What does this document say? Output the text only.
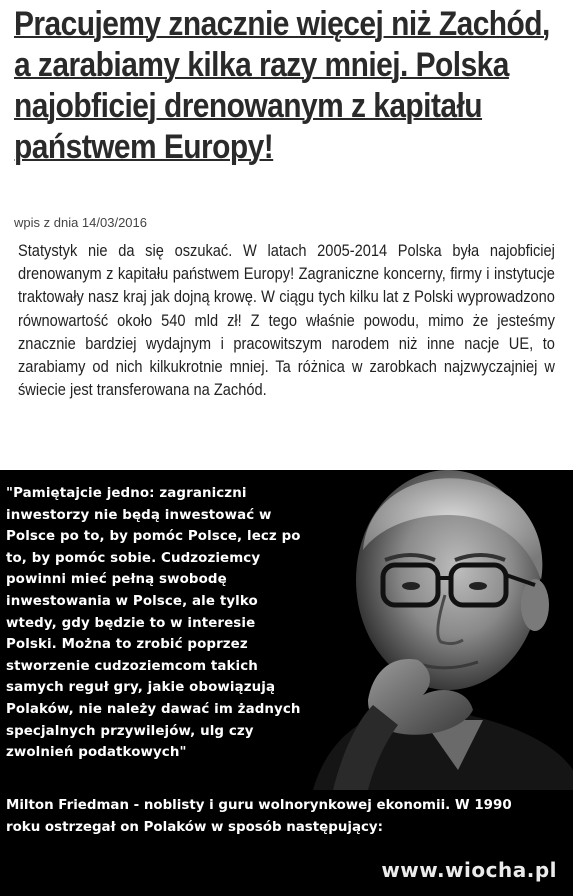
Pracujemy znacznie więcej niż Zachód, a zarabiamy kilka razy mniej. Polska najobficiej drenowanym z kapitału państwem Europy!
wpis z dnia 14/03/2016

Statystyk nie da się oszukać. W latach 2005-2014 Polska była najobficiej drenowanym z kapitału państwem Europy! Zagraniczne koncerny, firmy i instytucje traktowały nasz kraj jak dojną krowę. W ciągu tych kilku lat z Polski wyprowadzono równowartość około 540 mld zł! Z tego właśnie powodu, mimo że jesteśmy znacznie bardziej wydajnym i pracowitszym narodem niż inne nacje UE, to zarabiamy od nich kilkukrotnie mniej. Ta różnica w zarobkach najzwyczajniej w świecie jest transferowana na Zachód.

"Pamiętajcie jedno: zagraniczni
inwestorzy nie będą inwestować w
Polsce po to, by pomóc Polsce, lecz po
to, by pomóc sobie. Cudzoziemcy
powinni mieć pełną swobodę
inwestowania w Polsce, ale tylko
wtedy, gdy będzie to w interesie
Polski. Można to zrobić poprzez
stworzenie cudzoziemcom takich
samych reguł gry, jakie obowiązują
Polaków, nie należy dawać im żadnych
specjalnych przywilejów, ulg czy
zwolnień podatkowych"
Milton Friedman - noblisty i guru wolnorynkowej ekonomii. W 1990
roku ostrzegał on Polaków w sposób następujący:
www.wiocha.pl
